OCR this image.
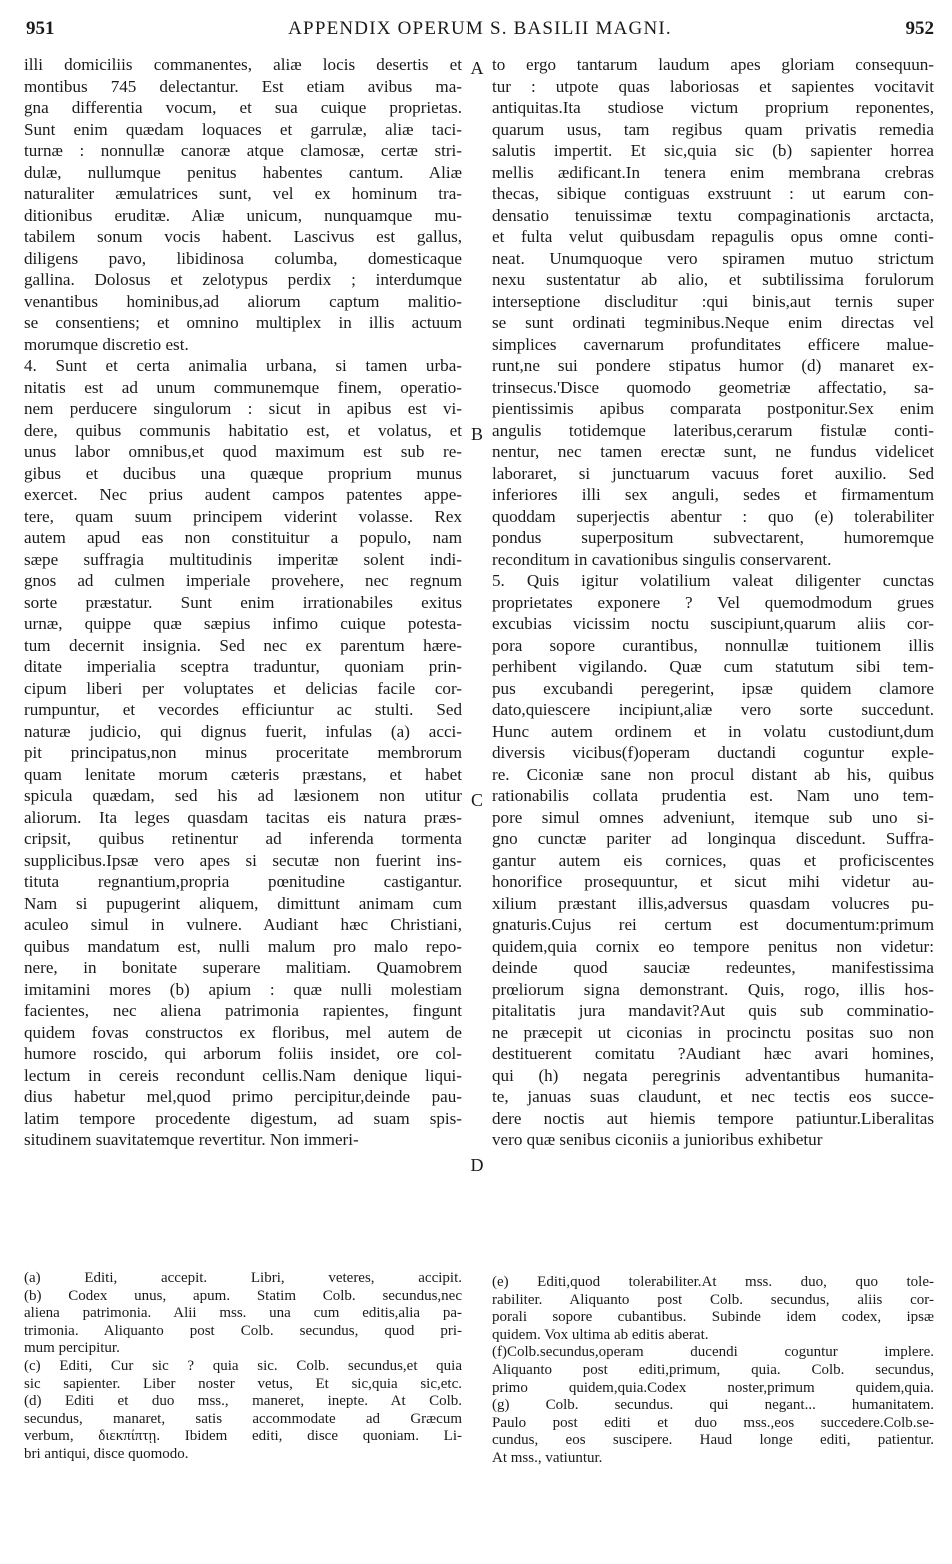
951	APPENDIX OPERUM S. BASILII MAGNI.	952

illi domiciliis commanentes, aliæ locis desertis et

montibus 745 delectantur. Est etiam avibus ma-

gna differentia vocum, et sua cuique proprietas.

Sunt enim quædam loquaces et garrulæ, aliæ taci-

turnæ : nonnullæ canoræ atque clamosæ, certæ stri-

dulæ, nullumque penitus habentes cantum. Aliæ

naturaliter æmulatrices sunt, vel ex hominum tra-

ditionibus eruditæ. Aliæ unicum, nunquamque mu-

tabilem sonum vocis habent. Lascivus est gallus,

diligens pavo, libidinosa columba, domesticaque

gallina. Dolosus et zelotypus perdix ; interdumque

venantibus hominibus,ad aliorum captum malitio-

se consentiens; et omnino multiplex in illis actuum

morumque discretio est.

4. Sunt et certa animalia urbana, si tamen urba-

nitatis est ad unum communemque finem, operatio-

nem perducere singulorum : sicut in apibus est vi-

dere, quibus communis habitatio est, et volatus, et

unus labor omnibus,et quod maximum est sub re-

gibus et ducibus una quæque proprium munus

exercet. Nec prius audent campos patentes appe-

tere, quam suum principem viderint volasse. Rex

autem apud eas non constituitur a populo, nam

sæpe suffragia multitudinis imperitæ solent indi-

gnos ad culmen imperiale provehere, nec regnum

sorte præstatur. Sunt enim irrationabiles exitus

urnæ, quippe quæ sæpius infimo cuique potesta-

tum decernit insignia. Sed nec ex parentum hære-

ditate imperialia sceptra traduntur, quoniam prin-

cipum liberi per voluptates et delicias facile cor-

rumpuntur, et vecordes efficiuntur ac stulti. Sed

naturæ judicio, qui dignus fuerit, infulas (a) acci-

pit principatus,non minus proceritate membrorum

quam lenitate morum cæteris præstans, et habet

spicula quædam, sed his ad læsionem non utitur

aliorum. Ita leges quasdam tacitas eis natura præs-

cripsit, quibus retinentur ad inferenda tormenta

supplicibus.Ipsæ vero apes si secutæ non fuerint ins-

tituta regnantium,propria pœnitudine castigantur.

Nam si pupugerint aliquem, dimittunt animam cum

aculeo simul in vulnere. Audiant hæc Christiani,

quibus mandatum est, nulli malum pro malo repo-

nere, in bonitate superare malitiam. Quamobrem

imitamini mores (b) apium : quæ nulli molestiam

facientes, nec aliena patrimonia rapientes, fingunt

quidem fovas constructos ex floribus, mel autem de

humore roscido, qui arborum foliis insidet, ore col-

lectum in cereis recondunt cellis.Nam denique liqui-

dius habetur mel,quod primo percipitur,deinde pau-

latim tempore procedente digestum, ad suam spis-

situdinem suavitatemque revertitur. Non immeri-

to ergo tantarum laudum apes gloriam consequun-

tur : utpote quas laboriosas et sapientes vocitavit

antiquitas.Ita studiose victum proprium reponentes,

quarum usus, tam regibus quam privatis remedia

salutis impertit. Et sic,quia sic (b) sapienter horrea

mellis ædificant.In tenera enim membrana crebras

thecas, sibique contiguas exstruunt : ut earum con-

densatio tenuissimæ textu compaginationis arctacta,

et fulta velut quibusdam repagulis opus omne conti-

neat. Unumquoque vero spiramen mutuo strictum

nexu sustentatur ab alio, et subtilissima forulorum

interseptione discluditur :qui binis,aut ternis super

se sunt ordinati tegminibus.Neque enim directas vel

simplices cavernarum profunditates efficere malue-

runt,ne sui pondere stipatus humor (d) manaret ex-

trinsecus.'Disce quomodo geometriæ affectatio, sa-

pientissimis apibus comparata postponitur.Sex enim

angulis totidemque lateribus,cerarum fistulæ conti-

nentur, nec tamen erectæ sunt, ne fundus videlicet

laboraret, si junctuarum vacuus foret auxilio. Sed

inferiores illi sex anguli, sedes et firmamentum

quoddam superjectis abentur : quo (e) tolerabiliter

pondus superpositum subvectarent, humoremque

reconditum in cavationibus singulis conservarent.

5. Quis igitur volatilium valeat diligenter cunctas

proprietates exponere ? Vel quemodmodum grues

excubias vicissim noctu suscipiunt,quarum aliis cor-

pora sopore curantibus, nonnullæ tuitionem illis

perhibent vigilando. Quæ cum statutum sibi tem-

pus excubandi peregerint, ipsæ quidem clamore

dato,quiescere incipiunt,aliæ vero sorte succedunt.

Hunc autem ordinem et in volatu custodiunt,dum

diversis vicibus(f)operam ductandi coguntur exple-

re. Ciconiæ sane non procul distant ab his, quibus

rationabilis collata prudentia est. Nam uno tem-

pore simul omnes adveniunt, itemque sub uno si-

gno cunctæ pariter ad longinqua discedunt. Suffra-

gantur autem eis cornices, quas et proficiscentes

honorifice prosequuntur, et sicut mihi videtur au-

xilium præstant illis,adversus quasdam volucres pu-

gnaturis.Cujus rei certum est documentum:primum

quidem,quia cornix eo tempore penitus non videtur:

deinde quod sauciæ redeuntes, manifestissima

prœliorum signa demonstrant. Quis, rogo, illis hos-

pitalitatis jura mandavit?Aut quis sub comminatio-

ne præcepit ut ciconias in procinctu positas suo non

destituerent comitatu ?Audiant hæc avari homines,

qui (h) negata peregrinis adventantibus humanita-

te, januas suas claudunt, et nec tectis eos succe-

dere noctis aut hiemis tempore patiuntur.Liberalitas

vero quæ senibus ciconiis a junioribus exhibetur

A
B
C
D

(a) Editi, accepit. Libri, veteres, accipit.

(b) Codex unus, apum. Statim Colb. secundus,nec

aliena patrimonia. Alii mss. una cum editis,alia pa-

trimonia. Aliquanto post Colb. secundus, quod pri-

mum percipitur.

(c) Editi, Cur sic ? quia sic. Colb. secundus,et quia

sic sapienter. Liber noster vetus, Et sic,quia sic,etc.

(d) Editi et duo mss., maneret, inepte. At Colb.

secundus, manaret, satis accommodate ad Græcum

verbum, διεκπίπτῃ. Ibidem editi, disce quoniam. Li-

bri antiqui, disce quomodo.

(e) Editi,quod tolerabiliter.At mss. duo, quo tole-

rabiliter. Aliquanto post Colb. secundus, aliis cor-

porali sopore cubantibus. Subinde idem codex, ipsæ

quidem. Vox ultima ab editis aberat.

(f)Colb.secundus,operam ducendi coguntur implere.

Aliquanto post editi,primum, quia. Colb. secundus,

primo quidem,quia.Codex noster,primum quidem,quia.

(g) Colb. secundus. qui negant... humanitatem.

Paulo post editi et duo mss.,eos succedere.Colb.se-

cundus, eos suscipere. Haud longe editi, patientur.

At mss., vatiuntur.
